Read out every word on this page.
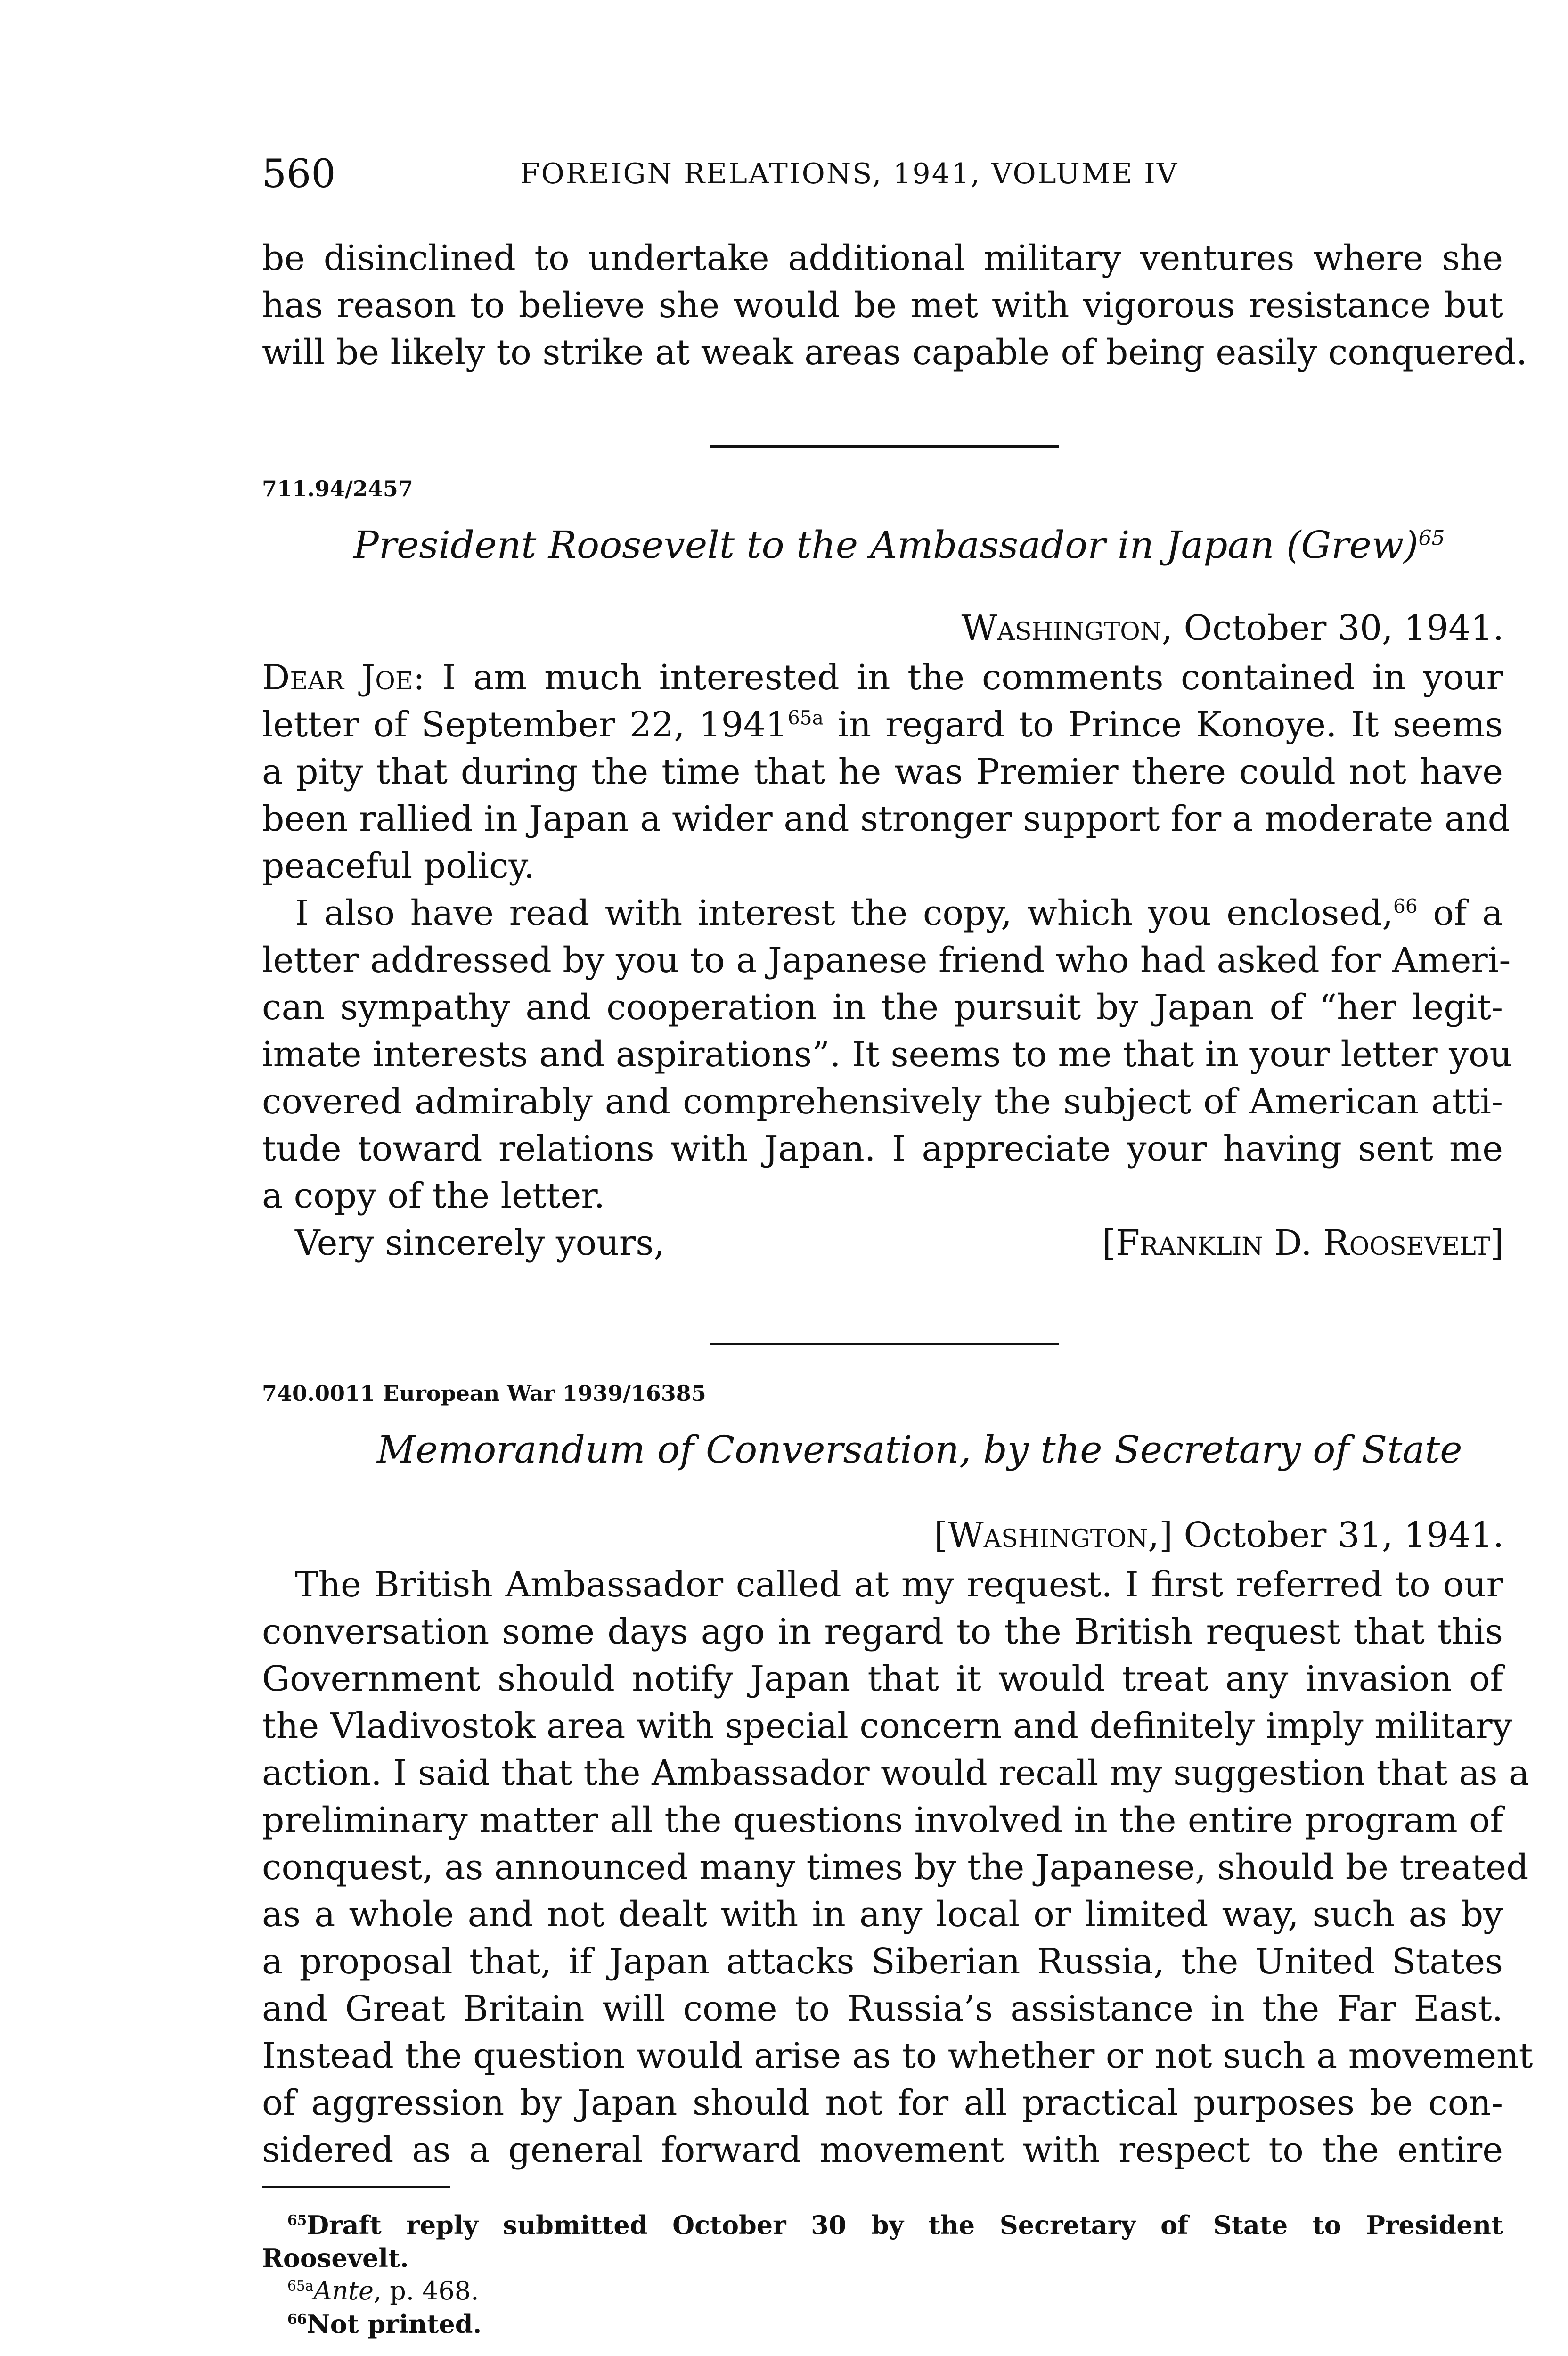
560	FOREIGN RELATIONS, 1941, VOLUME IV
be disinclined to undertake additional military ventures where she
has reason to believe she would be met with vigorous resistance but
will be likely to strike at weak areas capable of being easily conquered.
711.94/2457
President Roosevelt to the Ambassador in Japan (Grew)$^{65}$
Washington, October 30, 1941.
Dear Joe: I am much interested in the comments contained in your
letter of September 22, $1941^{65a}$ in regard to Prince Konoye. It seems
a pity that during the time that he was Premier there could not have
been rallied in Japan a wider and stronger support for a moderate and
peaceful policy.
I also have read with interest the copy, which you enclosed,$^{66}$ of a
letter addressed by you to a Japanese friend who had asked for Ameri-
can sympathy and cooperation in the pursuit by Japan of “her legit-
imate interests and aspirations”. It seems to me that in your letter you
covered admirably and comprehensively the subject of American atti-
tude toward relations with Japan. I appreciate your having sent me
a copy of the letter.
Very sincerely yours,	[Franklin D. Roosevelt]
740.0011 European War 1939/16385
Memorandum of Conversation, by the Secretary of State
[Washington,] October 31, 1941.
The British Ambassador called at my request. I first referred to our
conversation some days ago in regard to the British request that this
Government should notify Japan that it would treat any invasion of
the Vladivostok area with special concern and definitely imply military
action. I said that the Ambassador would recall my suggestion that as a
preliminary matter all the questions involved in the entire program of
conquest, as announced many times by the Japanese, should be treated
as a whole and not dealt with in any local or limited way, such as by
a proposal that, if Japan attacks Siberian Russia, the United States
and Great Britain will come to Russia’s assistance in the Far East.
Instead the question would arise as to whether or not such a movement
of aggression by Japan should not for all practical purposes be con-
sidered as a general forward movement with respect to the entire
$^{65}$Draft reply submitted October 30 by the Secretary of State to President
Roosevelt.
$^{65a}$Ante, p. 468.
$^{66}$Not printed.
